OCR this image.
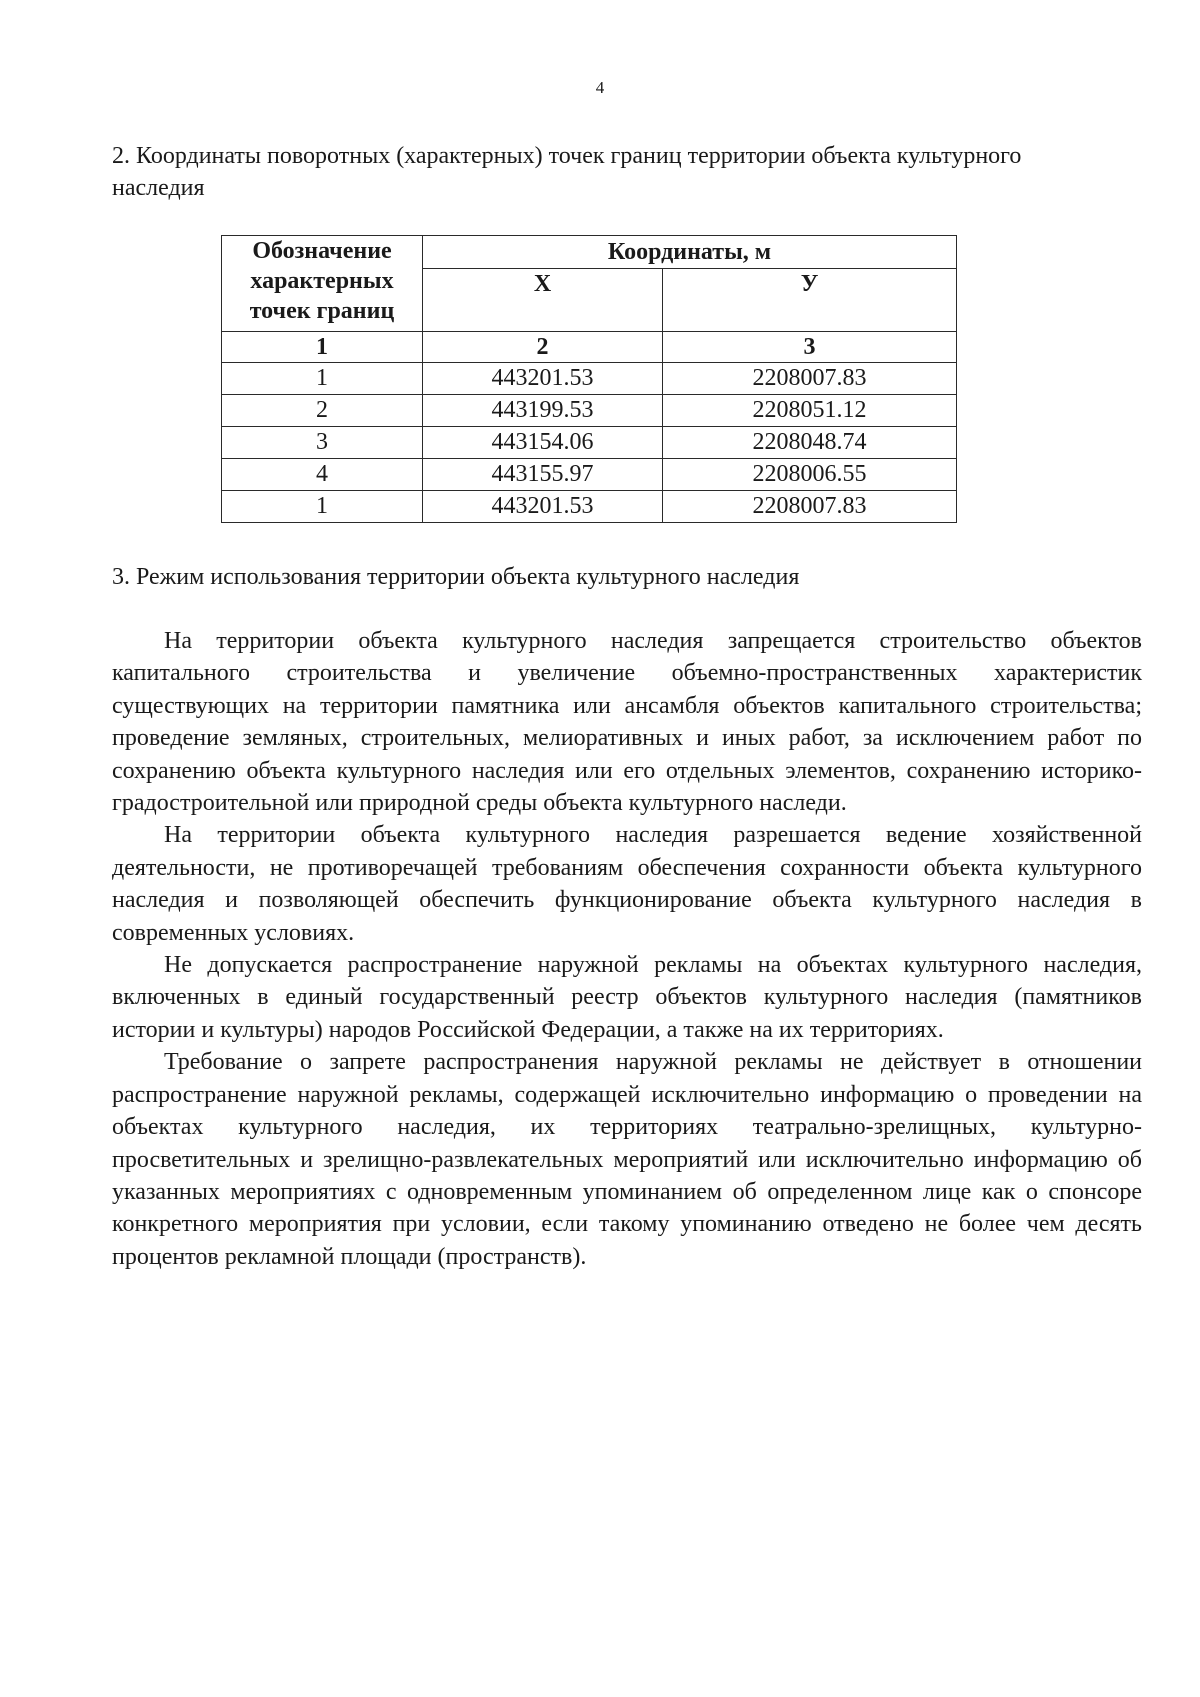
4
2. Координаты поворотных (характерных) точек границ территории объекта культурного наследия
Обозначение характерных точек границ	Координаты, м	
	X	У
1	2	3
1	443201.53	2208007.83
2	443199.53	2208051.12
3	443154.06	2208048.74
4	443155.97	2208006.55
1	443201.53	2208007.83
3. Режим использования территории объекта культурного наследия

На территории объекта культурного наследия запрещается строительство объектов капитального строительства и увеличение объемно-пространственных характеристик существующих на территории памятника или ансамбля объектов капитального строительства; проведение земляных, строительных, мелиоративных и иных работ, за исключением работ по сохранению объекта культурного наследия или его отдельных элементов, сохранению историко-градостроительной или природной среды объекта культурного наследи.

На территории объекта культурного наследия разрешается ведение хозяйственной деятельности, не противоречащей требованиям обеспечения сохранности объекта культурного наследия и позволяющей обеспечить функционирование объекта культурного наследия в современных условиях.

Не допускается распространение наружной рекламы на объектах культурного наследия, включенных в единый государственный реестр объектов культурного наследия (памятников истории и культуры) народов Российской Федерации, а также на их территориях.

Требование о запрете распространения наружной рекламы не действует в отношении распространение наружной рекламы, содержащей исключительно информацию о проведении на объектах культурного наследия, их территориях театрально-зрелищных, культурно-просветительных и зрелищно-развлекательных мероприятий или исключительно информацию об указанных мероприятиях с одновременным упоминанием об определенном лице как о спонсоре конкретного мероприятия при условии, если такому упоминанию отведено не более чем десять процентов рекламной площади (пространств).
